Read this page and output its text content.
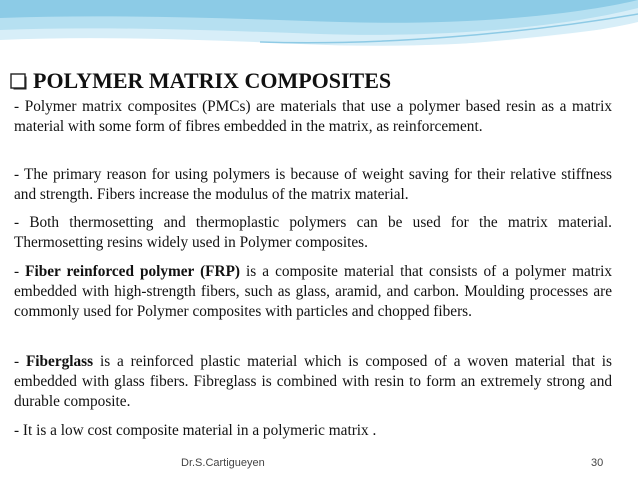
POLYMER MATRIX COMPOSITES

- Polymer matrix composites (PMCs) are materials that use a polymer based resin as a matrix material with some form of fibres embedded in the matrix, as reinforcement.

- The primary reason for using polymers is because of weight saving for their relative stiffness and strength. Fibers increase the modulus of the matrix material.

- Both thermosetting and thermoplastic polymers can be used for the matrix material. Thermosetting resins widely used in Polymer composites.

- Fiber reinforced polymer (FRP) is a composite material that consists of a polymer matrix embedded with high-strength fibers, such as glass, aramid, and carbon. Moulding processes are commonly used for Polymer composites with particles and chopped fibers.

- Fiberglass is a reinforced plastic material which is composed of a woven material that is embedded with glass fibers. Fibreglass is combined with resin to form an extremely strong and durable composite.

- It is a low cost composite material in a polymeric matrix .

Dr.S.Cartigueyen	30
